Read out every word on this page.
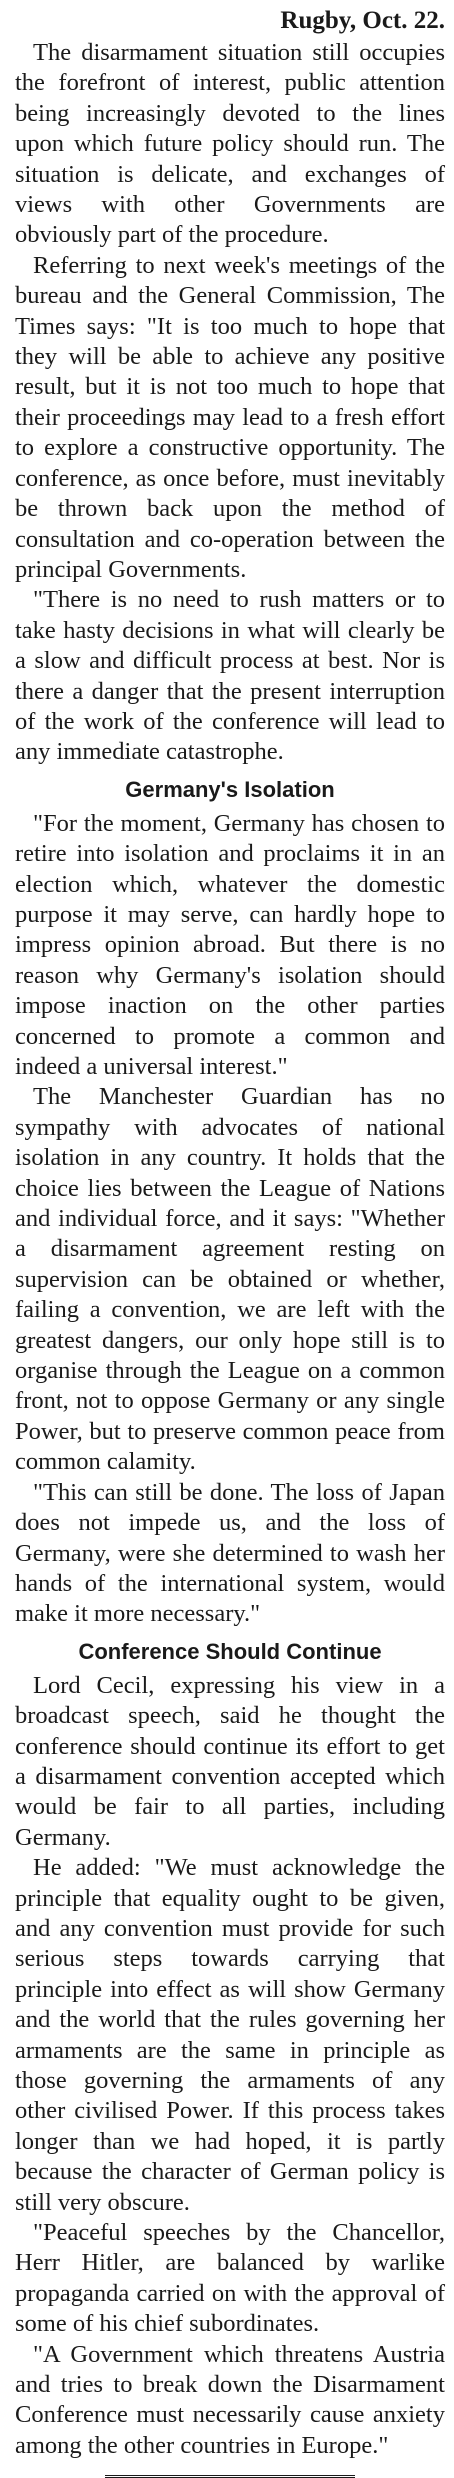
Rugby, Oct. 22.

The disarmament situation still occupies the forefront of interest, public attention being increasingly devoted to the lines upon which future policy should run. The situation is delicate, and exchanges of views with other Governments are obviously part of the procedure.

Referring to next week's meetings of the bureau and the General Commission, The Times says: "It is too much to hope that they will be able to achieve any positive result, but it is not too much to hope that their proceedings may lead to a fresh effort to explore a constructive opportunity. The conference, as once before, must inevitably be thrown back upon the method of consultation and co-operation between the principal Governments.

"There is no need to rush matters or to take hasty decisions in what will clearly be a slow and difficult process at best. Nor is there a danger that the present interruption of the work of the conference will lead to any immediate catastrophe.

Germany's Isolation

"For the moment, Germany has chosen to retire into isolation and proclaims it in an election which, whatever the domestic purpose it may serve, can hardly hope to impress opinion abroad. But there is no reason why Germany's isolation should impose inaction on the other parties concerned to promote a common and indeed a universal interest."

The Manchester Guardian has no sympathy with advocates of national isolation in any country. It holds that the choice lies between the League of Nations and individual force, and it says: "Whether a disarmament agreement resting on supervision can be obtained or whether, failing a convention, we are left with the greatest dangers, our only hope still is to organise through the League on a common front, not to oppose Germany or any single Power, but to preserve common peace from common calamity.

"This can still be done. The loss of Japan does not impede us, and the loss of Germany, were she determined to wash her hands of the international system, would make it more necessary."

Conference Should Continue

Lord Cecil, expressing his view in a broadcast speech, said he thought the conference should continue its effort to get a disarmament convention accepted which would be fair to all parties, including Germany.

He added: "We must acknowledge the principle that equality ought to be given, and any convention must provide for such serious steps towards carrying that principle into effect as will show Germany and the world that the rules governing her armaments are the same in principle as those governing the armaments of any other civilised Power. If this process takes longer than we had hoped, it is partly because the character of German policy is still very obscure.

"Peaceful speeches by the Chancellor, Herr Hitler, are balanced by warlike propaganda carried on with the approval of some of his chief subordinates.

"A Government which threatens Austria and tries to break down the Disarmament Conference must necessarily cause anxiety among the other countries in Europe."
